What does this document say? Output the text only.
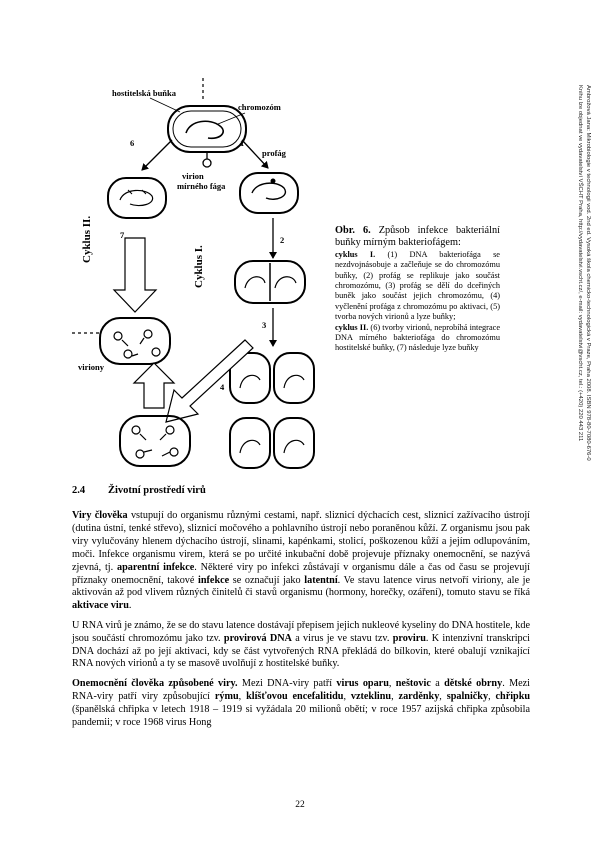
hostitelská buňka
chromozóm
virion
mírného fága
1
profág
6
Cyklus II.
Cyklus I.
7	2
3
viriony
4

Obr. 6. Způsob infekce bakteriální buňky mírným bakteriofágem:

cyklus I. (1) DNA bakteriofága se nezdvojnásobuje a začleňuje se do chromozómu buňky, (2) profág se replikuje jako součást chromozómu, (3) profág se dělí do dceřiných buněk jako součást jejich chromozómu, (4) vyčlenění profága z chromozómu po aktivaci, (5) tvorba nových virionů a lyze buňky;

cyklus II. (6) tvorby virionů, neprobíhá integrace DNA mírného bakteriofága do chromozómu hostitelské buňky, (7) následuje lyze buňky	Ambrožová Jana: Mikrobiologie v technologii vod. 2nd ed. Vysoká škola chemicko-technologická v Praze, Praha 2008. ISBN 978-80-7080-676-0
Knihu lze objednat ve vydavatelství VŠCHT Praha, http://vydavatelstvi.vscht.cz/, e-mail: vydavatelstvi@vscht.cz, tel.: (+420) 220 443 211
2.4 Životní prostředí virů

Viry člověka vstupují do organismu různými cestami, např. sliznicí dýchacích cest, sliznicí zažívacího ústrojí (dutina ústní, tenké střevo), sliznicí močového a pohlavního ústrojí nebo poraněnou kůží. Z organismu jsou pak viry vylučovány hlenem dýchacího ústrojí, slinami, kapénkami, stolicí, poškozenou kůží a jejím odlupováním, moči. Infekce organismu virem, která se po určité inkubační době projevuje příznaky onemocnění, se nazývá zjevná, tj. aparentní infekce. Některé viry po infekci zůstávají v organismu dále a čas od času se projevují příznaky onemocnění, takové infekce se označují jako latentní. Ve stavu latence virus netvoří viriony, ale je aktivován až pod vlivem různých činitelů či stavů organismu (hormony, horečky, ozáření), tomuto stavu se říká aktivace viru.

U RNA virů je známo, že se do stavu latence dostávají přepisem jejich nukleové kyseliny do DNA hostitele, kde jsou součástí chromozómu jako tzv. provirová DNA a virus je ve stavu tzv. proviru. K intenzivní transkripci DNA dochází až po její aktivaci, kdy se část vytvořených RNA překládá do bílkovin, které obalují vznikající RNA nových virionů a ty se masově uvolňují z hostitelské buňky.

Onemocnění člověka způsobené viry. Mezi DNA-viry patří virus oparu, neštovic a dětské obrny. Mezi RNA-viry patří viry způsobující rýmu, klíšťovou encefalitidu, vzteklinu, zarděnky, spalničky, chřipku (španělská chřipka v letech 1918 – 1919 si vyžádala 20 milionů obětí; v roce 1957 azijská chřipka způsobila pandemii; v roce 1968 virus Hong

22
